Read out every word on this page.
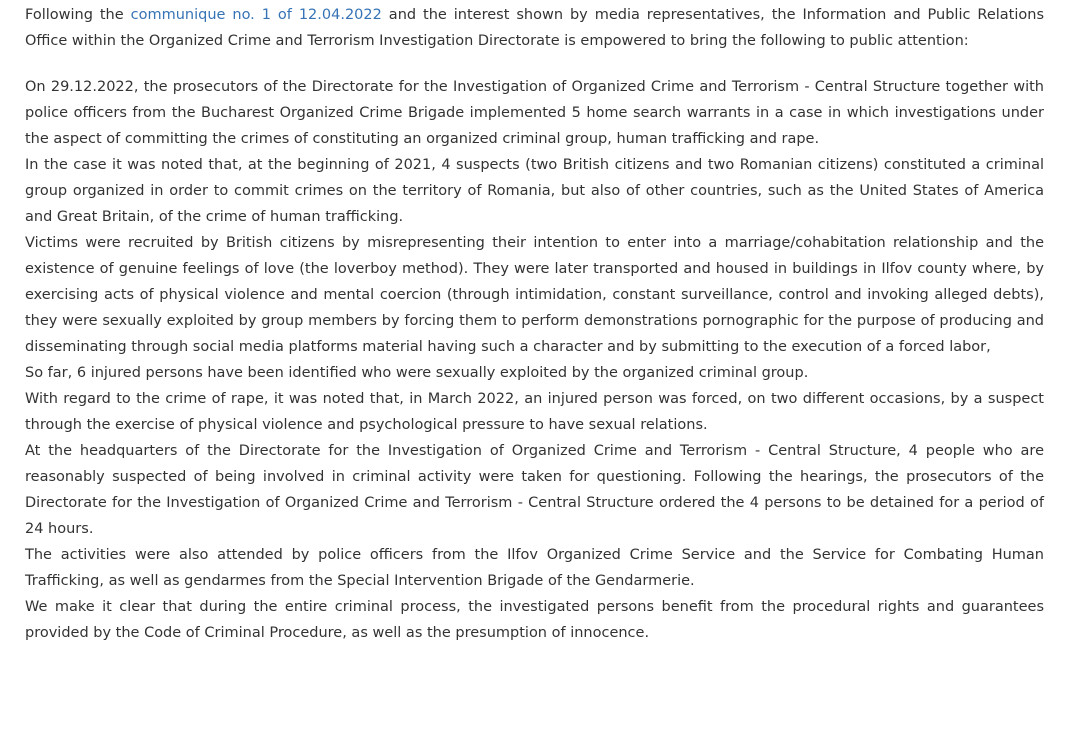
Following the communique no. 1 of 12.04.2022 and the interest shown by media representatives, the Information and Public Relations Office within the Organized Crime and Terrorism Investigation Directorate is empowered to bring the following to public attention:

On 29.12.2022, the prosecutors of the Directorate for the Investigation of Organized Crime and Terrorism - Central Structure together with police officers from the Bucharest Organized Crime Brigade implemented 5 home search warrants in a case in which investigations under the aspect of committing the crimes of constituting an organized criminal group, human trafficking and rape.

In the case it was noted that, at the beginning of 2021, 4 suspects (two British citizens and two Romanian citizens) constituted a criminal group organized in order to commit crimes on the territory of Romania, but also of other countries, such as the United States of America and Great Britain, of the crime of human trafficking.

Victims were recruited by British citizens by misrepresenting their intention to enter into a marriage/cohabitation relationship and the existence of genuine feelings of love (the loverboy method). They were later transported and housed in buildings in Ilfov county where, by exercising acts of physical violence and mental coercion (through intimidation, constant surveillance, control and invoking alleged debts), they were sexually exploited by group members by forcing them to perform demonstrations pornographic for the purpose of producing and disseminating through social media platforms material having such a character and by submitting to the execution of a forced labor,

So far, 6 injured persons have been identified who were sexually exploited by the organized criminal group.

With regard to the crime of rape, it was noted that, in March 2022, an injured person was forced, on two different occasions, by a suspect through the exercise of physical violence and psychological pressure to have sexual relations.

At the headquarters of the Directorate for the Investigation of Organized Crime and Terrorism - Central Structure, 4 people who are reasonably suspected of being involved in criminal activity were taken for questioning. Following the hearings, the prosecutors of the Directorate for the Investigation of Organized Crime and Terrorism - Central Structure ordered the 4 persons to be detained for a period of 24 hours.

The activities were also attended by police officers from the Ilfov Organized Crime Service and the Service for Combating Human Trafficking, as well as gendarmes from the Special Intervention Brigade of the Gendarmerie.

We make it clear that during the entire criminal process, the investigated persons benefit from the procedural rights and guarantees provided by the Code of Criminal Procedure, as well as the presumption of innocence.
